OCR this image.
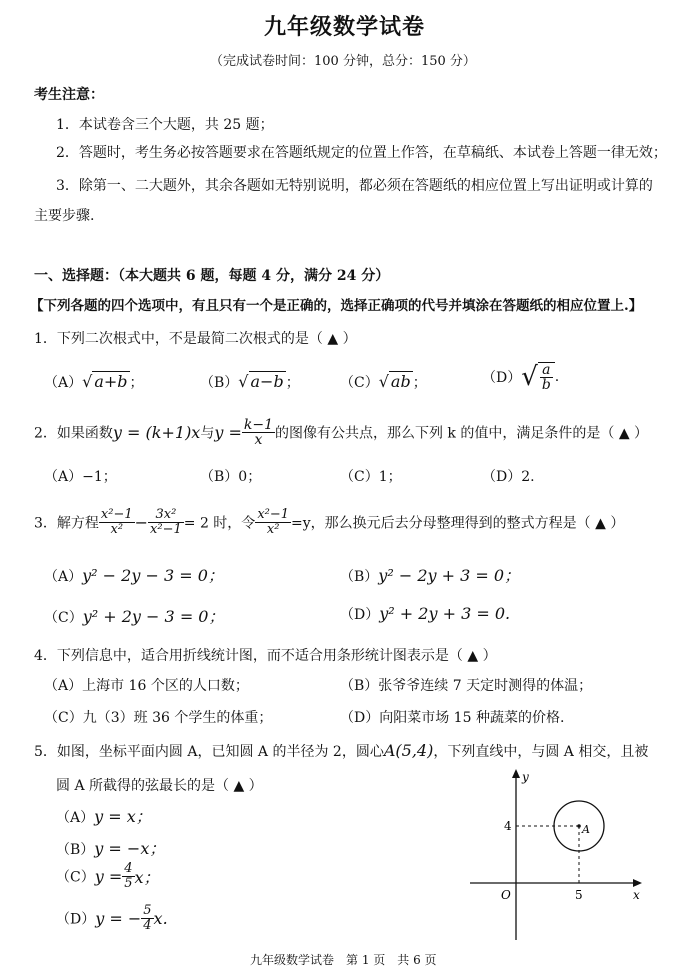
九年级数学试卷
（完成试卷时间：100 分钟，总分：150 分）
考生注意：
1．本试卷含三个大题，共 25 题；
2．答题时，考生务必按答题要求在答题纸规定的位置上作答，在草稿纸、本试卷上答题一律无效；
3．除第一、二大题外，其余各题如无特别说明，都必须在答题纸的相应位置上写出证明或计算的
主要步骤.
一、选择题：（本大题共 6 题，每题 4 分，满分 24 分）
【下列各题的四个选项中，有且只有一个是正确的，选择正确项的代号并填涂在答题纸的相应位置上.】
1．下列二次根式中，不是最简二次根式的是（ ▲ ）
（A）√ a+b ；	（B）√ a−b ；	（C）√ ab ；	$(D)√ \frac{a}{b}$ .
2．如果函数y = (k+1)x与$y = \frac{k-1}{x}$ 的图像有公共点，那么下列 k 的值中，满足条件的是（ ▲ ）
（A）−1；	（B）0；	（C）1；	（D）2.
3．解方程 $\frac{\text{x²−1}}{\text{x²}} - \frac{\text{3x²}}{\text{x²−1}} = 2$ 时，令 $\frac{\text{x²−1}}{\text{x²}} =y$，那么换元后去分母整理得到的整式方程是（ ▲ ）
（A）y² − 2y − 3 = 0；	（B）y² − 2y + 3 = 0；
（C）y² + 2y − 3 = 0；	（D）y² + 2y + 3 = 0.
4．下列信息中，适合用折线统计图，而不适合用条形统计图表示是（ ▲ ）
（A）上海市 16 个区的人口数；	（B）张爷爷连续 7 天定时测得的体温；
（C）九（3）班 36 个学生的体重；	（D）向阳菜市场 15 种蔬菜的价格.
5．如图，坐标平面内圆 A，已知圆 A 的半径为 2，圆心A(5,4)，下列直线中，与圆 A 相交，且被
圆 A 所截得的弦最长的是（ ▲ ）
（A）y = x；
（B）y = −x；
$(C)y = \frac{4}{5}$ x；
（D）y = − $\frac{5}{4} x$.
y
x
O
4
5
A
九年级数学试卷　第 1 页　共 6 页
